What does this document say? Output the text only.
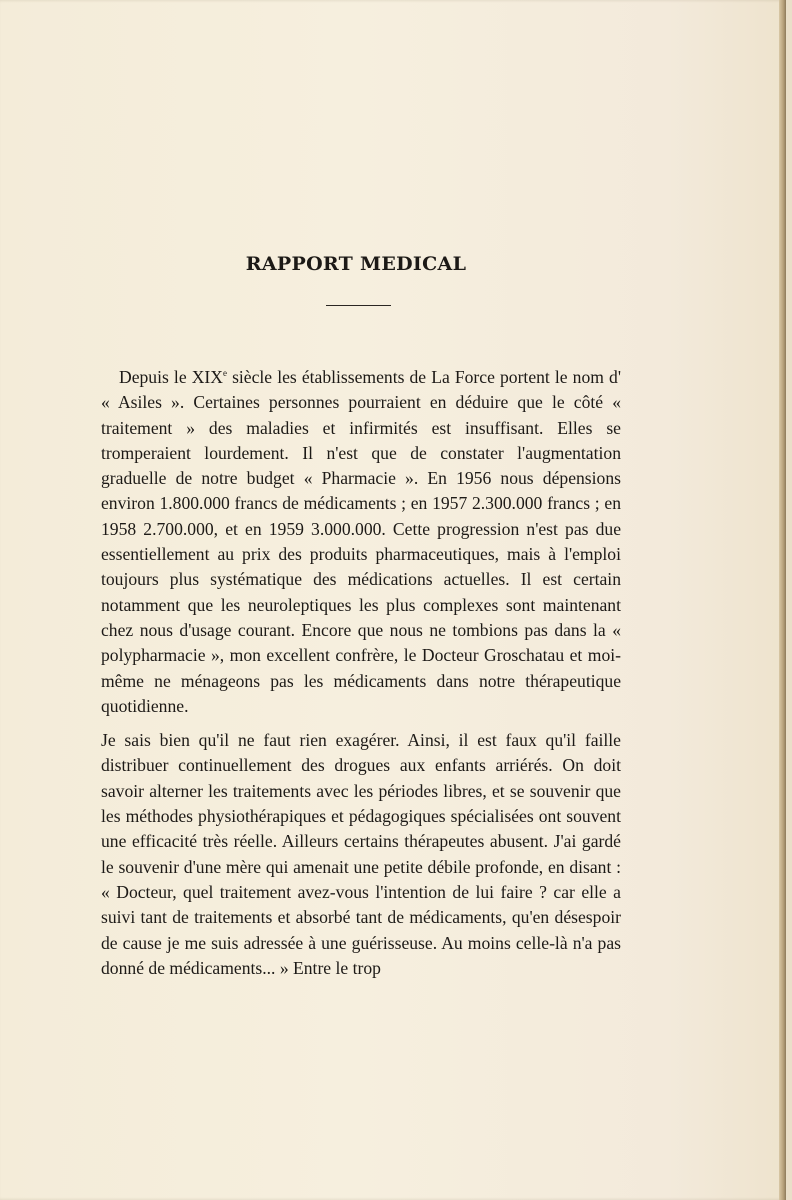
RAPPORT MEDICAL

Depuis le XIXe siècle les établissements de La Force portent le nom d' « Asiles ». Certaines personnes pourraient en déduire que le côté « traitement » des maladies et infirmités est insuffisant. Elles se tromperaient lourdement. Il n'est que de constater l'augmentation graduelle de notre budget « Pharmacie ». En 1956 nous dépensions environ 1.800.000 francs de médicaments ; en 1957 2.300.000 francs ; en 1958 2.700.000, et en 1959 3.000.000. Cette progression n'est pas due essentiellement au prix des produits pharmaceutiques, mais à l'emploi toujours plus systématique des médications actuelles. Il est certain notamment que les neuroleptiques les plus complexes sont maintenant chez nous d'usage courant. Encore que nous ne tombions pas dans la « polypharmacie », mon excellent confrère, le Docteur Groschatau et moi-même ne ménageons pas les médicaments dans notre thérapeutique quotidienne.

Je sais bien qu'il ne faut rien exagérer. Ainsi, il est faux qu'il faille distribuer continuellement des drogues aux enfants arriérés. On doit savoir alterner les traitements avec les périodes libres, et se souvenir que les méthodes physiothérapiques et pédagogiques spécialisées ont souvent une efficacité très réelle. Ailleurs certains thérapeutes abusent. J'ai gardé le souvenir d'une mère qui amenait une petite débile profonde, en disant : « Docteur, quel traitement avez-vous l'intention de lui faire ? car elle a suivi tant de traitements et absorbé tant de médicaments, qu'en désespoir de cause je me suis adressée à une guérisseuse. Au moins celle-là n'a pas donné de médicaments... » Entre le trop
